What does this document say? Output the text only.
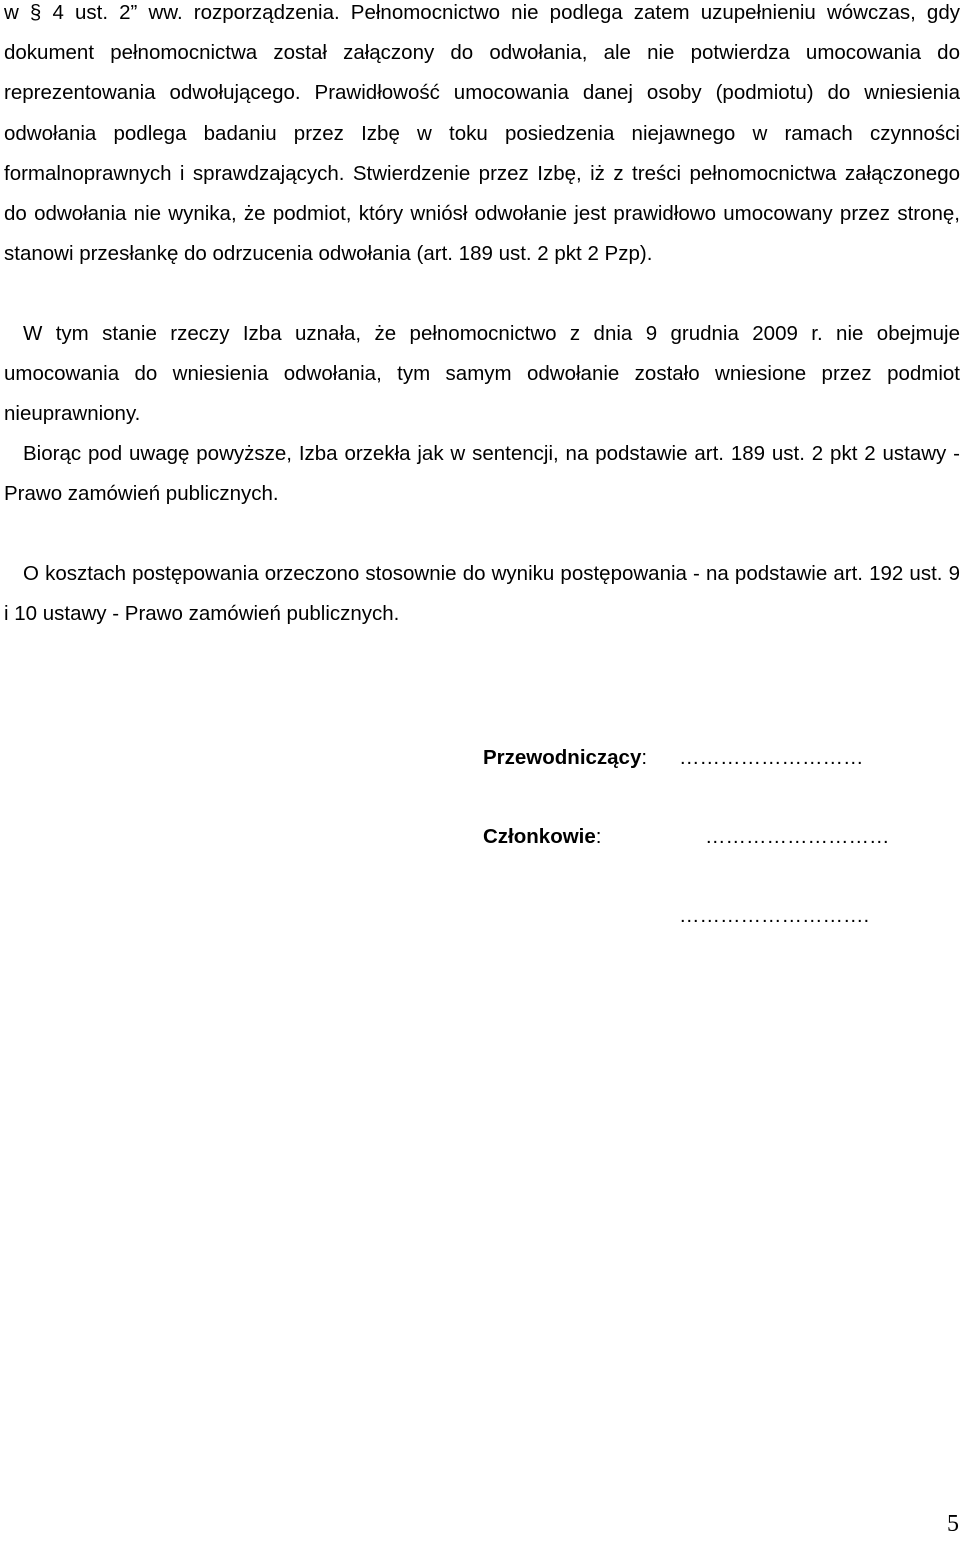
w § 4 ust. 2” ww. rozporządzenia. Pełnomocnictwo nie podlega zatem uzupełnieniu wówczas, gdy dokument pełnomocnictwa został załączony do odwołania, ale nie potwierdza umocowania do reprezentowania odwołującego. Prawidłowość umocowania danej osoby (podmiotu) do wniesienia odwołania podlega badaniu przez Izbę w toku posiedzenia niejawnego w ramach czynności formalnoprawnych i sprawdzających. Stwierdzenie przez Izbę, iż z treści pełnomocnictwa załączonego do odwołania nie wynika, że podmiot, który wniósł odwołanie jest prawidłowo umocowany przez stronę, stanowi przesłankę do odrzucenia odwołania (art. 189 ust. 2 pkt 2 Pzp).

W tym stanie rzeczy Izba uznała, że pełnomocnictwo z dnia 9 grudnia 2009 r. nie obejmuje umocowania do wniesienia odwołania, tym samym odwołanie zostało wniesione przez podmiot nieuprawniony.

Biorąc pod uwagę powyższe, Izba orzekła jak w sentencji, na podstawie art. 189 ust. 2 pkt 2 ustawy - Prawo zamówień publicznych.

O kosztach postępowania orzeczono stosownie do wyniku postępowania - na podstawie art. 192 ust. 9 i 10 ustawy - Prawo zamówień publicznych.

Przewodniczący: ………………………
Członkowie:	………………………
……………………….
5
